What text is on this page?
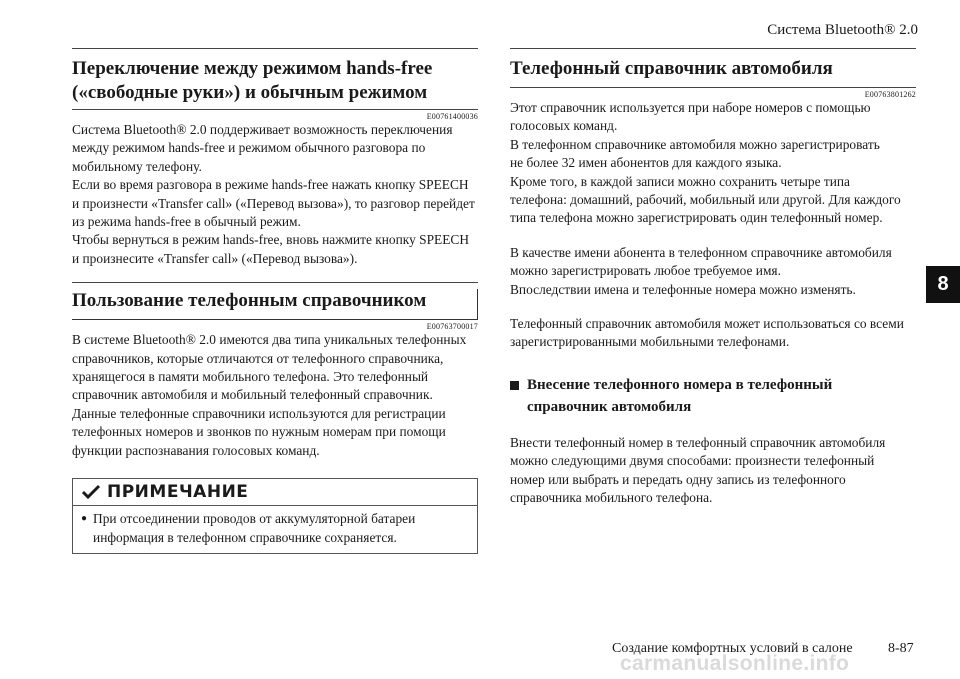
Система Bluetooth® 2.0
Переключение между режимом hands-free
(«свободные руки») и обычным режимом
E00761400036

Система Bluetooth® 2.0 поддерживает возможность переключения

между режимом hands-free и режимом обычного разговора по

мобильному телефону.

Если во время разговора в режиме hands-free нажать кнопку SPEECH

и произнести «Transfer call» («Перевод вызова»), то разговор перейдет

из режима hands-free в обычный режим.

Чтобы вернуться в режим hands-free, вновь нажмите кнопку SPEECH

и произнесите «Transfer call» («Перевод вызова»).

Пользование телефонным справочником
E00763700017

В системе Bluetooth® 2.0 имеются два типа уникальных телефонных

справочников, которые отличаются от телефонного справочника,

хранящегося в памяти мобильного телефона. Это телефонный

справочник автомобиля и мобильный телефонный справочник.

Данные телефонные справочники используются для регистрации

телефонных номеров и звонков по нужным номерам при помощи

функции распознавания голосовых команд.

ПРИМЕЧАНИЕ
● При отсоединении проводов от аккумуляторной батареи
информация в телефонном справочнике сохраняется.
Телефонный справочник автомобиля
E00763801262

Этот справочник используется при наборе номеров с помощью

голосовых команд.

В телефонном справочнике автомобиля можно зарегистрировать

не более 32 имен абонентов для каждого языка.

Кроме того, в каждой записи можно сохранить четыре типа

телефона: домашний, рабочий, мобильный или другой. Для каждого

типа телефона можно зарегистрировать один телефонный номер.

В качестве имени абонента в телефонном справочнике автомобиля

можно зарегистрировать любое требуемое имя.

Впоследствии имена и телефонные номера можно изменять.

Телефонный справочник автомобиля может использоваться со всеми

зарегистрированными мобильными телефонами.

Внесение телефонного номера в телефонный
справочник автомобиля

Внести телефонный номер в телефонный справочник автомобиля

можно следующими двумя способами: произнести телефонный

номер или выбрать и передать одну запись из телефонного

справочника мобильного телефона.

8
Создание комфортных условий в салоне	8-87
carmanualsonline.info
